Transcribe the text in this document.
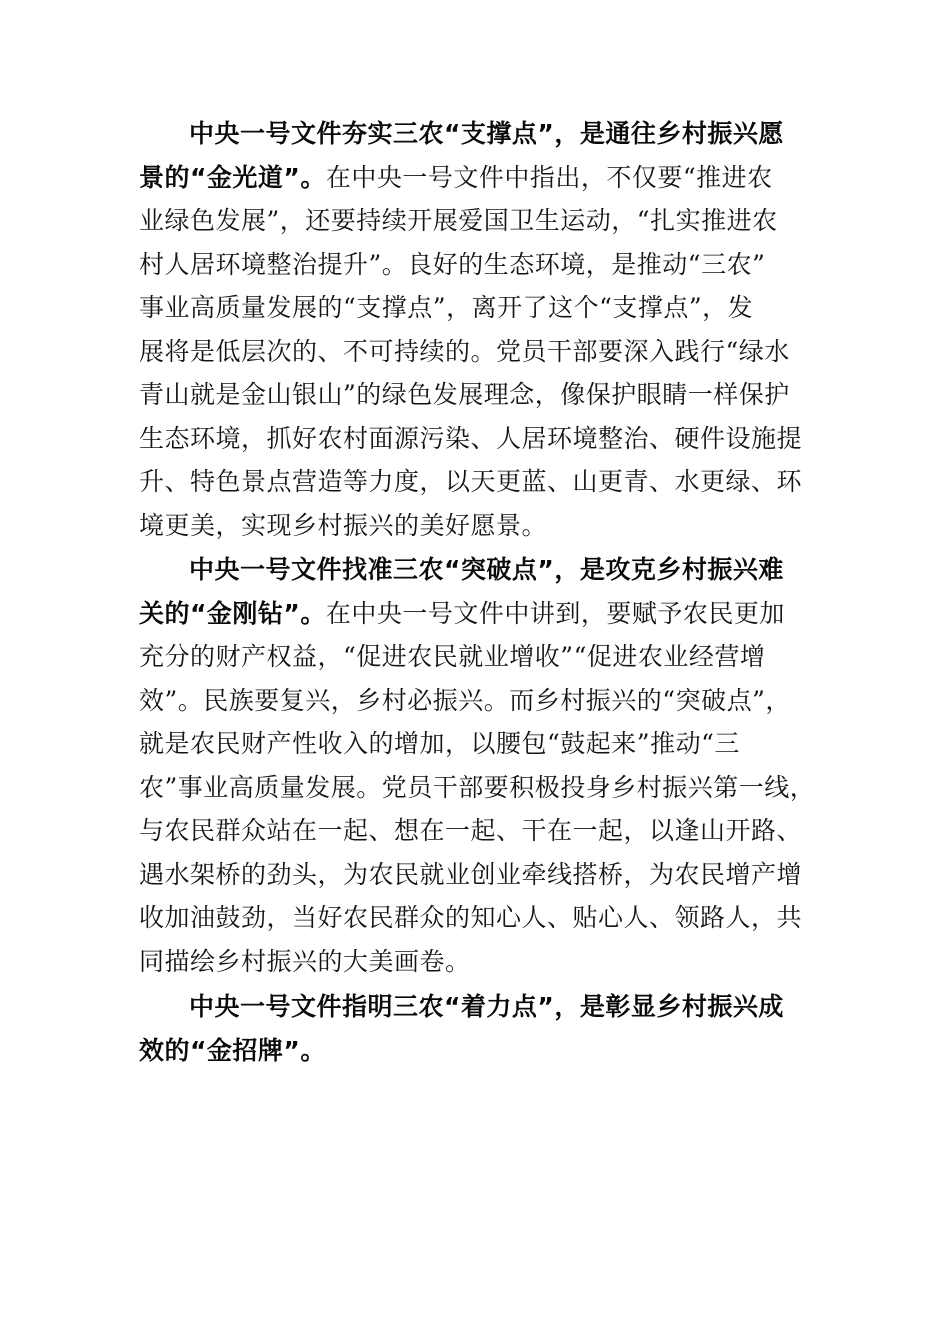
中央一号文件夯实三农“支撑点”，是通往乡村振兴愿
景的“金光道”。在中央一号文件中指出，不仅要“推进农
业绿色发展”，还要持续开展爱国卫生运动，“扎实推进农
村人居环境整治提升”。良好的生态环境，是推动“三农”
事业高质量发展的“支撑点”，离开了这个“支撑点”，发
展将是低层次的、不可持续的。党员干部要深入践行“绿水
青山就是金山银山”的绿色发展理念，像保护眼睛一样保护
生态环境，抓好农村面源污染、人居环境整治、硬件设施提
升、特色景点营造等力度，以天更蓝、山更青、水更绿、环
境更美，实现乡村振兴的美好愿景。
中央一号文件找准三农“突破点”，是攻克乡村振兴难
关的“金刚钻”。在中央一号文件中讲到，要赋予农民更加
充分的财产权益，“促进农民就业增收”“促进农业经营增
效”。民族要复兴，乡村必振兴。而乡村振兴的“突破点”，
就是农民财产性收入的增加，以腰包“鼓起来”推动“三
农”事业高质量发展。党员干部要积极投身乡村振兴第一线，
与农民群众站在一起、想在一起、干在一起，以逢山开路、
遇水架桥的劲头，为农民就业创业牵线搭桥，为农民增产增
收加油鼓劲，当好农民群众的知心人、贴心人、领路人，共
同描绘乡村振兴的大美画卷。
中央一号文件指明三农“着力点”，是彰显乡村振兴成
效的“金招牌”。
